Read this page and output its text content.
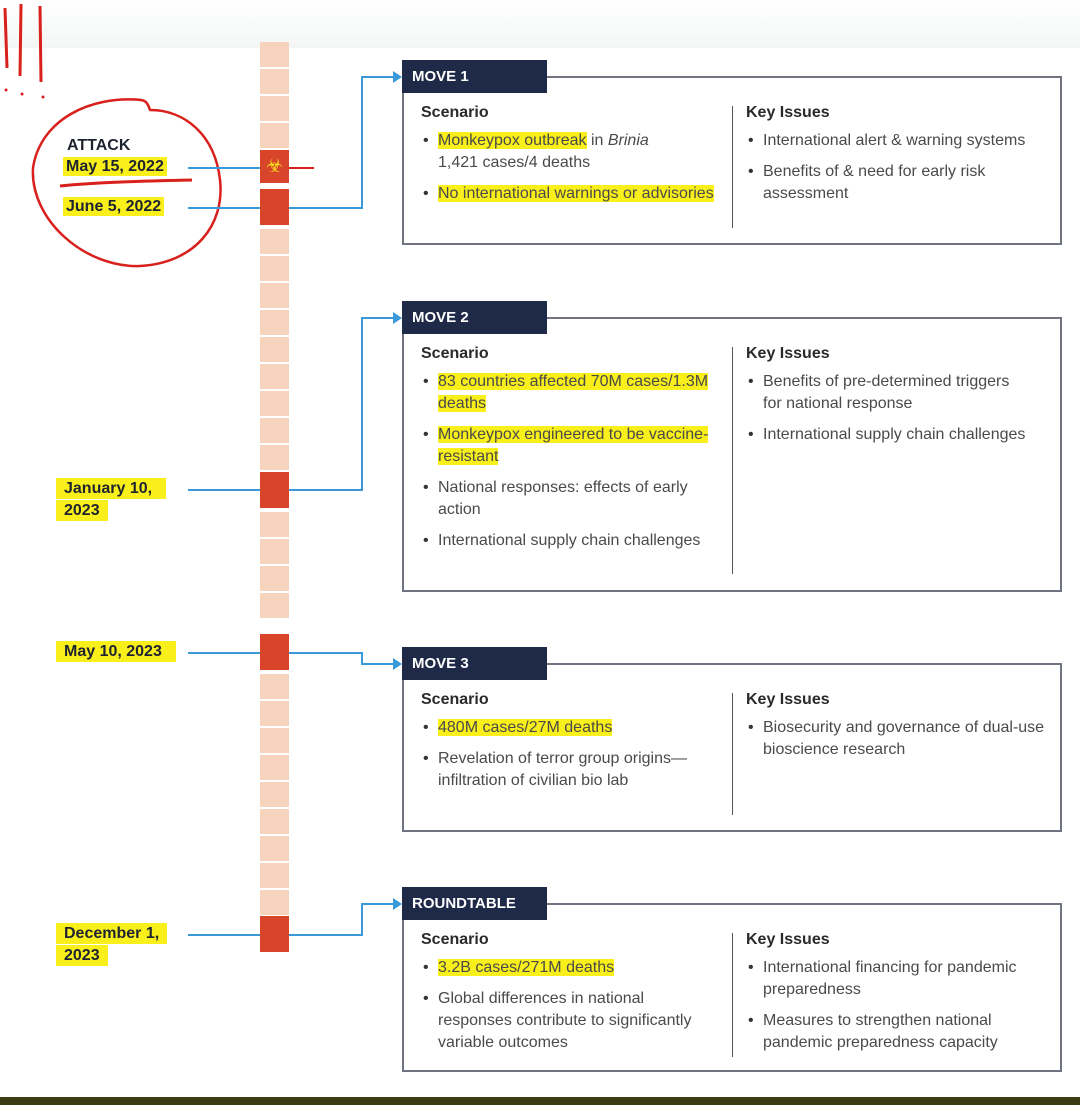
☣
ATTACK
May 15, 2022
June 5, 2022
January 10,
2023
May 10, 2023
December 1,
2023
Scenario
• Monkeypox outbreak in Brinia
1,421 cases/4 deaths
• No international warnings or advisories
Key Issues
• International alert & warning systems
• Benefits of & need for early risk assessment
MOVE 1
Scenario
• 83 countries affected 70M cases/1.3M deaths
• Monkeypox engineered to be vaccine-resistant
• National responses: effects of early action
• International supply chain challenges
Key Issues
• Benefits of pre-determined triggers for national response
• International supply chain challenges
MOVE 2
Scenario
• 480M cases/27M deaths
• Revelation of terror group origins—infiltration of civilian bio lab
Key Issues
• Biosecurity and governance of dual-use bioscience research
MOVE 3
Scenario
• 3.2B cases/271M deaths
• Global differences in national responses contribute to significantly variable outcomes
Key Issues
• International financing for pandemic preparedness
• Measures to strengthen national pandemic preparedness capacity
ROUNDTABLE
